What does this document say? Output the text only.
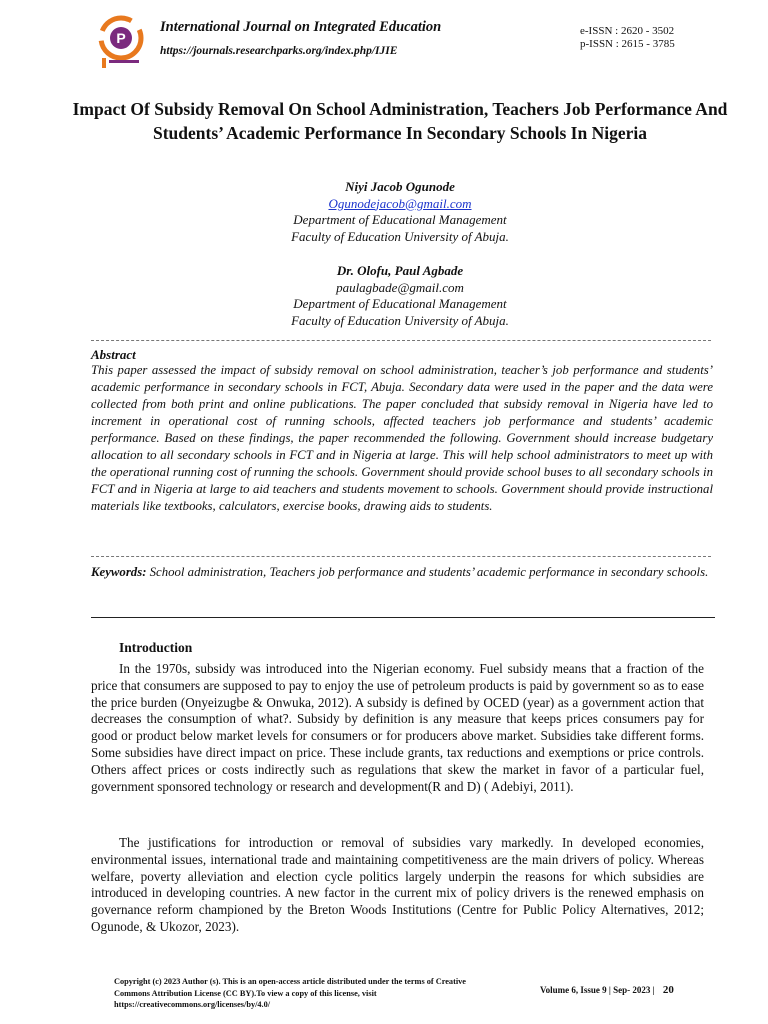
P
International Journal on Integrated Education
https://journals.researchparks.org/index.php/IJIE
e-ISSN : 2620 - 3502
p-ISSN : 2615 - 3785
Impact Of Subsidy Removal On School Administration, Teachers Job Performance And Students’ Academic Performance In Secondary Schools In Nigeria
Niyi Jacob Ogunode
Ogunodejacob@gmail.com
Department of Educational Management
Faculty of Education University of Abuja.
Dr. Olofu, Paul Agbade
paulagbade@gmail.com
Department of Educational Management
Faculty of Education University of Abuja.
Abstract
This paper assessed the impact of subsidy removal on school administration, teacher’s job performance and students’ academic performance in secondary schools in FCT, Abuja. Secondary data were used in the paper and the data were collected from both print and online publications. The paper concluded that subsidy removal in Nigeria have led to increment in operational cost of running schools, affected teachers job performance and students’ academic performance. Based on these findings, the paper recommended the following. Government should increase budgetary allocation to all secondary schools in FCT and in Nigeria at large. This will help school administrators to meet up with the operational running cost of running the schools. Government should provide school buses to all secondary schools in FCT and in Nigeria at large to aid teachers and students movement to schools. Government should provide instructional materials like textbooks, calculators, exercise books, drawing aids to students.
Keywords: School administration, Teachers job performance and students’ academic performance in secondary schools.
Introduction
In the 1970s, subsidy was introduced into the Nigerian economy. Fuel subsidy means that a fraction of the price that consumers are supposed to pay to enjoy the use of petroleum products is paid by government so as to ease the price burden (Onyeizugbe & Onwuka, 2012). A subsidy is defined by OCED (year) as a government action that decreases the consumption of what?. Subsidy by definition is any measure that keeps prices consumers pay for good or product below market levels for consumers or for producers above market. Subsidies take different forms. Some subsidies have direct impact on price. These include grants, tax reductions and exemptions or price controls. Others affect prices or costs indirectly such as regulations that skew the market in favor of a particular fuel, government sponsored technology or research and development(R and D) ( Adebiyi, 2011).
The justifications for introduction or removal of subsidies vary markedly. In developed economies, environmental issues, international trade and maintaining competitiveness are the main drivers of policy. Whereas welfare, poverty alleviation and election cycle politics largely underpin the reasons for which subsidies are introduced in developing countries. A new factor in the current mix of policy drivers is the renewed emphasis on governance reform championed by the Breton Woods Institutions (Centre for Public Policy Alternatives, 2012; Ogunode, & Ukozor, 2023).
Copyright (c) 2023 Author (s). This is an open-access article distributed under the terms of Creative Commons Attribution License (CC BY).To view a copy of this license, visit https://creativecommons.org/licenses/by/4.0/
Volume 6, Issue 9 | Sep- 2023 | 20
